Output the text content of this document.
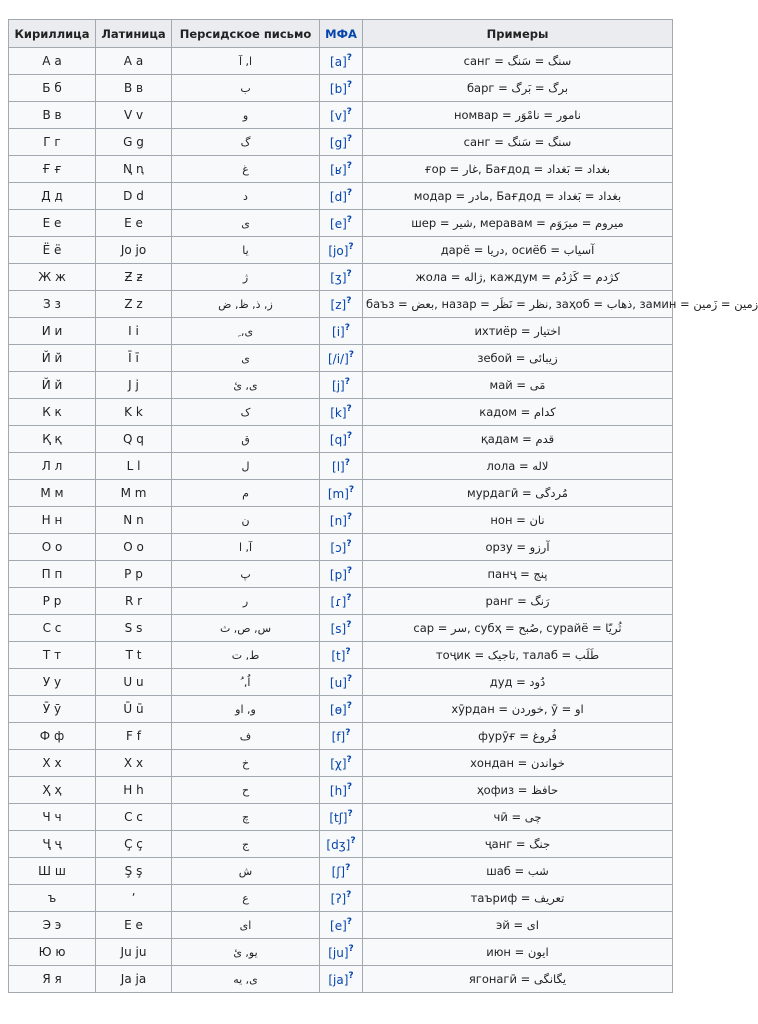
Кириллица	Латиница	Персидское письмо	МФА	Примеры
А а	A a	ا, آ	[a]?	санг = سنگ = سَنگ
Б б	B в	ب	[b]?	барг = برگ = بَرگ
В в	V v	و	[v]?	номвар = نامور = نامْوَر
Г г	G g	گ	[g]?	санг = سنگ = سَنگ
Ғ ғ	Ꞑ ꞑ	غ	[ʁ]?	ғор = غار, Бағдод = بغداد = بَغداد
Д д	D d	د	[d]?	модар = مادر, Бағдод = بغداد = بَغداد
Е е	E e	ی	[e]?	шер = شیر, меравам = میروم = میرَوَم
Ё ё	Jo jo	یا	[jo]?	дарё = دریا, осиёб = آسیاب
Ж ж	Ƶ ƶ	ژ	[ʒ]?	жола = ژاله, каждум = کژدم = کَژدُم
З з	Z z	ز, ذ, ظ, ض	[z]?	баъз = بعض, назар = نظر = نَظَر, заҳоб = ذهاب, замин = زمین = زَمین
И и	I i	ی, ِ	[i]?	ихтиёр = اختیار
Й й	Ī ī	ی	[/i/]?	зебой = زیبائی
Й й	J j	ی, یٔ	[j]?	май = مَی
К к	K k	ک	[k]?	кадом = کدام
Қ қ	Q q	ق	[q]?	қадам = قدم
Л л	L l	ل	[l]?	лола = لاله
М м	M m	م	[m]?	мурдагӣ = مُردگی
Н н	N n	ن	[n]?	нон = نان
О о	O o	آ, ا	[ɔ]?	орзу = آرزو
П п	P p	پ	[p]?	панҷ = پنج
Р р	R r	ر	[ɾ]?	ранг = رَنگ
С с	S s	س, ص, ث	[s]?	сар = سر, субҳ = صُبح, сурайё = ثُریّا
Т т	T t	ط, ت	[t]?	тоҷик = تاجیک, талаб = طَلَب
У у	U u	اُ, ُ	[u]?	дуд = دُود
Ӯ ӯ	Ū ū	و, او	[ɵ]?	хӯрдан = خوردن, ӯ = او
Ф ф	F f	ف	[f]?	фурӯғ = فُروغ
Х х	X x	خ	[χ]?	хондан = خواندن
Ҳ ҳ	H h	ح	[h]?	ҳофиз = حافظ
Ч ч	C c	چ	[tʃ]?	чӣ = چی
Ҷ ҷ	Ç ç	ج	[dʒ]?	ҷанг = جنگ
Ш ш	Ş ş	ش	[ʃ]?	шаб = شب
ъ	ʼ	ع	[ʔ]?	таъриф = تعریف
Э э	E e	ای	[e]?	эй = ای
Ю ю	Ju ju	یو, یٔ	[ju]?	июн = ایون
Я я	Ja ja	ی, یه	[ja]?	ягонагӣ = یگانگی
